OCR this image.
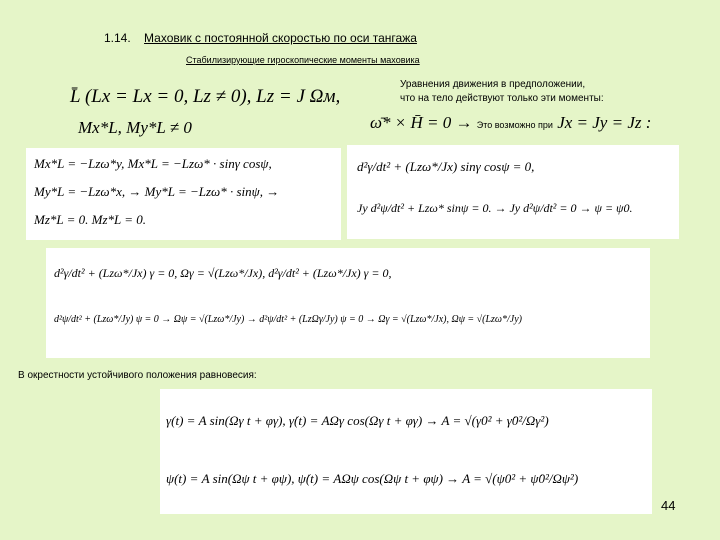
1.14. Маховик с постоянной скоростью по оси тангажа
Стабилизирующие гироскопические моменты маховика
Уравнения движения в предположении,
что на тело действуют только эти моменты:
L̄ (Lx = Lx = 0, Lz ≠ 0), Lz = J Ωм,
Mx*L, My*L ≠ 0	ω̄* × H̄ = 0 → Это возможно при Jx = Jy = Jz :
Mx*L = −Lzω*y, Mx*L = −Lzω* · sinγ cosψ,
My*L = −Lzω*x, → My*L = −Lzω* · sinψ, →
Mz*L = 0. Mz*L = 0.
d²γ/dt² + (Lzω*/Jx) sinγ cosψ = 0,
Jy d²ψ/dt² + Lzω* sinψ = 0. → Jy d²ψ/dt² = 0 → ψ = ψ0.
d²γ/dt² + (Lzω*/Jx) γ = 0, Ωγ = √(Lzω*/Jx), d²γ/dt² + (Lzω*/Jx) γ = 0,
d²ψ/dt² + (Lzω*/Jy) ψ = 0 → Ωψ = √(Lzω*/Jy) → d²ψ/dt² + (LzΩγ/Jy) ψ = 0 → Ωγ = √(Lzω*/Jx), Ωψ = √(Lzω*/Jy)
В окрестности устойчивого положения равновесия:
γ(t) = A sin(Ωγ t + φγ), γ̇(t) = AΩγ cos(Ωγ t + φγ) → A = √(γ0² + γ̇0²/Ωγ²)
ψ(t) = A sin(Ωψ t + φψ), ψ̇(t) = AΩψ cos(Ωψ t + φψ) → A = √(ψ0² + ψ̇0²/Ωψ²)
44
